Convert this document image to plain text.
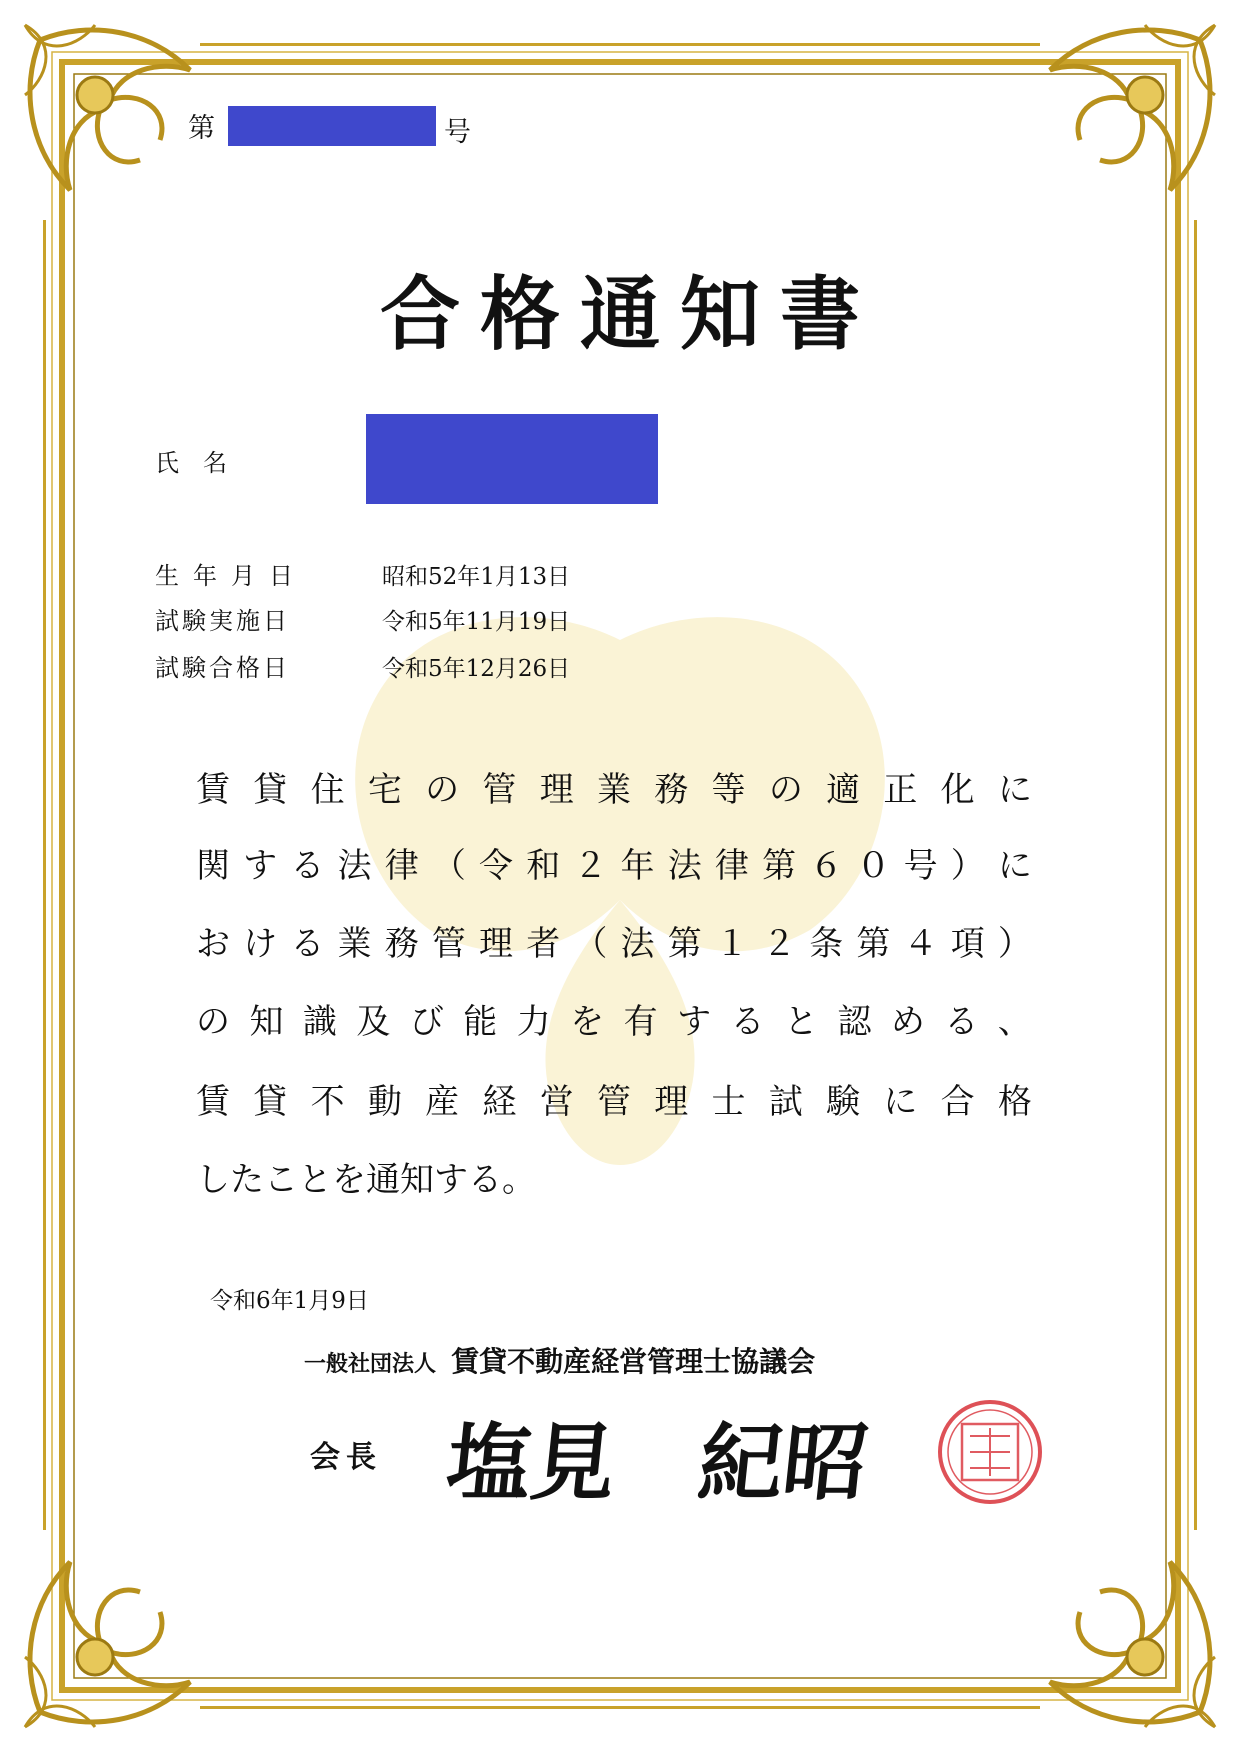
第	号
合格通知書
氏　名
生年月日	昭和52年1月13日
試験実施日	令和5年11月19日
試験合格日	令和5年12月26日
賃 貸 住 宅 の 管 理 業 務 等 の 適 正 化 に
関 す る 法 律 （ 令 和 ２ 年 法 律 第 ６ ０ 号 ） に
お け る 業 務 管 理 者 （ 法 第 １ ２ 条 第 ４ 項 ）
の 知 識 及 び 能 力 を 有 す る と 認 め る 、
賃 貸 不 動 産 経 営 管 理 士 試 験 に 合 格
したことを通知する。
令和6年1月9日
一般社団法人 賃貸不動産経営管理士協議会
会長 塩見　紀昭
